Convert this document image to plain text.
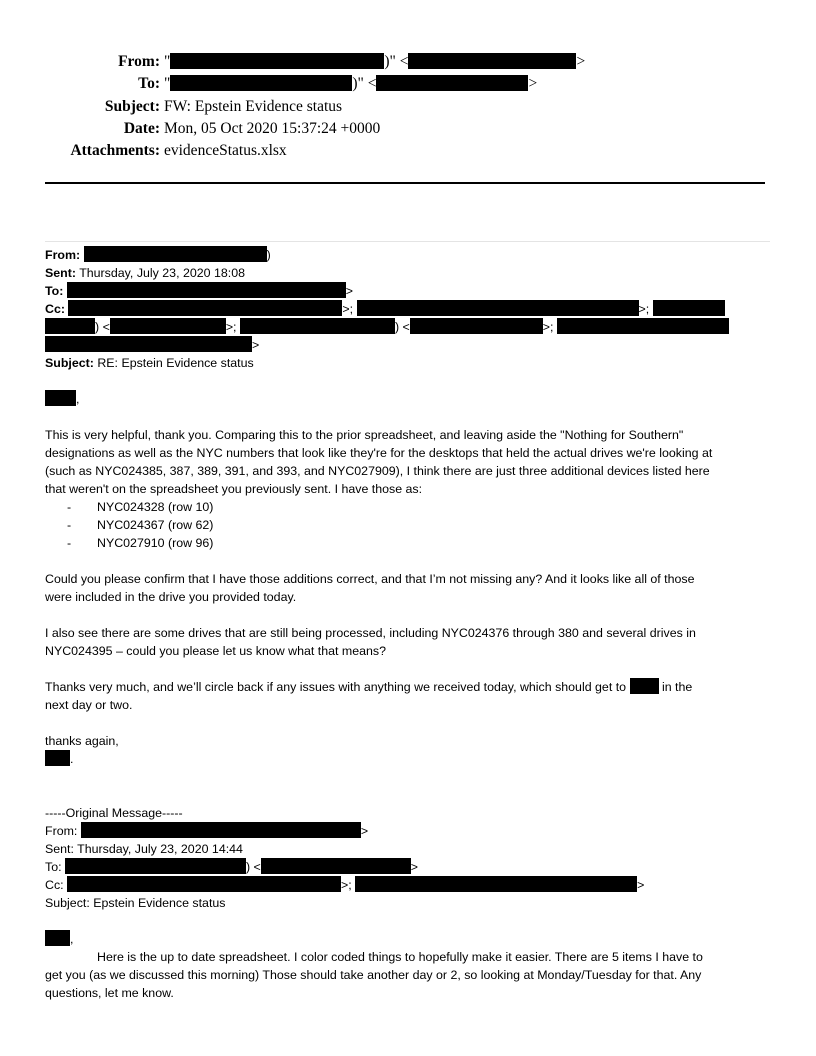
From: "	)" <	>
To: "	)" <	>
Subject: FW: Epstein Evidence status
Date: Mon, 05 Oct 2020 15:37:24 +0000
Attachments: evidenceStatus.xlsx
From:	)
Sent: Thursday, July 23, 2020 18:08
To:	>
Cc:	>;	>;
) <	>;	) <	>;
>
Subject: RE: Epstein Evidence status
,
This is very helpful, thank you. Comparing this to the prior spreadsheet, and leaving aside the "Nothing for Southern"
designations as well as the NYC numbers that look like they're for the desktops that held the actual drives we're looking at
(such as NYC024385, 387, 389, 391, and 393, and NYC027909), I think there are just three additional devices listed here
that weren't on the spreadsheet you previously sent. I have those as:
- NYC024328 (row 10)
- NYC024367 (row 62)
- NYC027910 (row 96)
Could you please confirm that I have those additions correct, and that I’m not missing any? And it looks like all of those
were included in the drive you provided today.
I also see there are some drives that are still being processed, including NYC024376 through 380 and several drives in
NYC024395 – could you please let us know what that means?
Thanks very much, and we’ll circle back if any issues with anything we received today, which should get to	in the
next day or two.
thanks again,
.
-----Original Message-----
From:	>
Sent: Thursday, July 23, 2020 14:44
To:	) <	>
Cc:	>;	>
Subject: Epstein Evidence status
,
Here is the up to date spreadsheet. I color coded things to hopefully make it easier. There are 5 items I have to
get you (as we discussed this morning) Those should take another day or 2, so looking at Monday/Tuesday for that. Any
questions, let me know.
